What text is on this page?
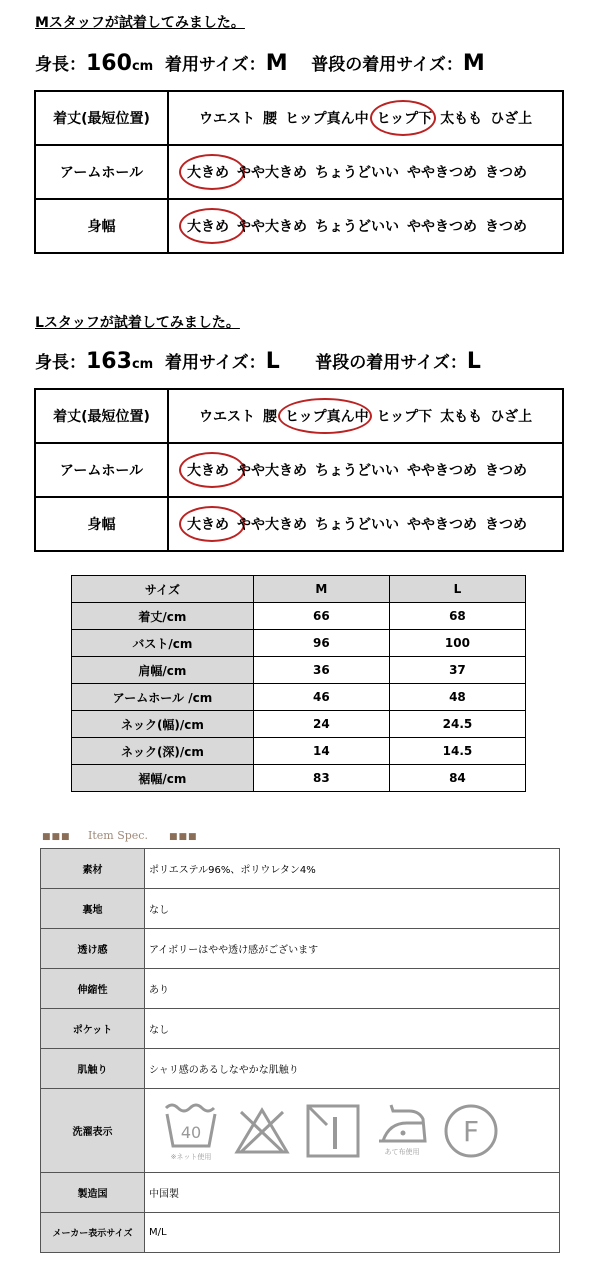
Mスタッフが試着してみました。
身長：160cm 着用サイズ：M 普段の着用サイズ：M
着丈(最短位置)	ウエスト 腰 ヒップ真ん中 ヒップ下 太もも ひざ上
アームホール	大きめ やや大きめ ちょうどいい ややきつめ きつめ
身幅	大きめ やや大きめ ちょうどいい ややきつめ きつめ
Lスタッフが試着してみました。
身長：163cm 着用サイズ：L 普段の着用サイズ：L
着丈(最短位置)	ウエスト 腰 ヒップ真ん中 ヒップ下 太もも ひざ上
アームホール	大きめ やや大きめ ちょうどいい ややきつめ きつめ
身幅	大きめ やや大きめ ちょうどいい ややきつめ きつめ
サイズ	M	L
着丈/cm	66	68
バスト/cm	96	100
肩幅/cm	36	37
アームホール /cm	46	48
ネック(幅)/cm	24	24.5
ネック(深)/cm	14	14.5
裾幅/cm	83	84
■■■ Item Spec. ■■■
素材	ポリエステル96%、ポリウレタン4%
裏地	なし
透け感	アイボリーはやや透け感がございます
伸縮性	あり
ポケット	なし
肌触り	シャリ感のあるしなやかな肌触り
洗濯表示	40
※ネット使用
あて布使用
F

製造国	中国製
メーカー表示サイズ	M/L
